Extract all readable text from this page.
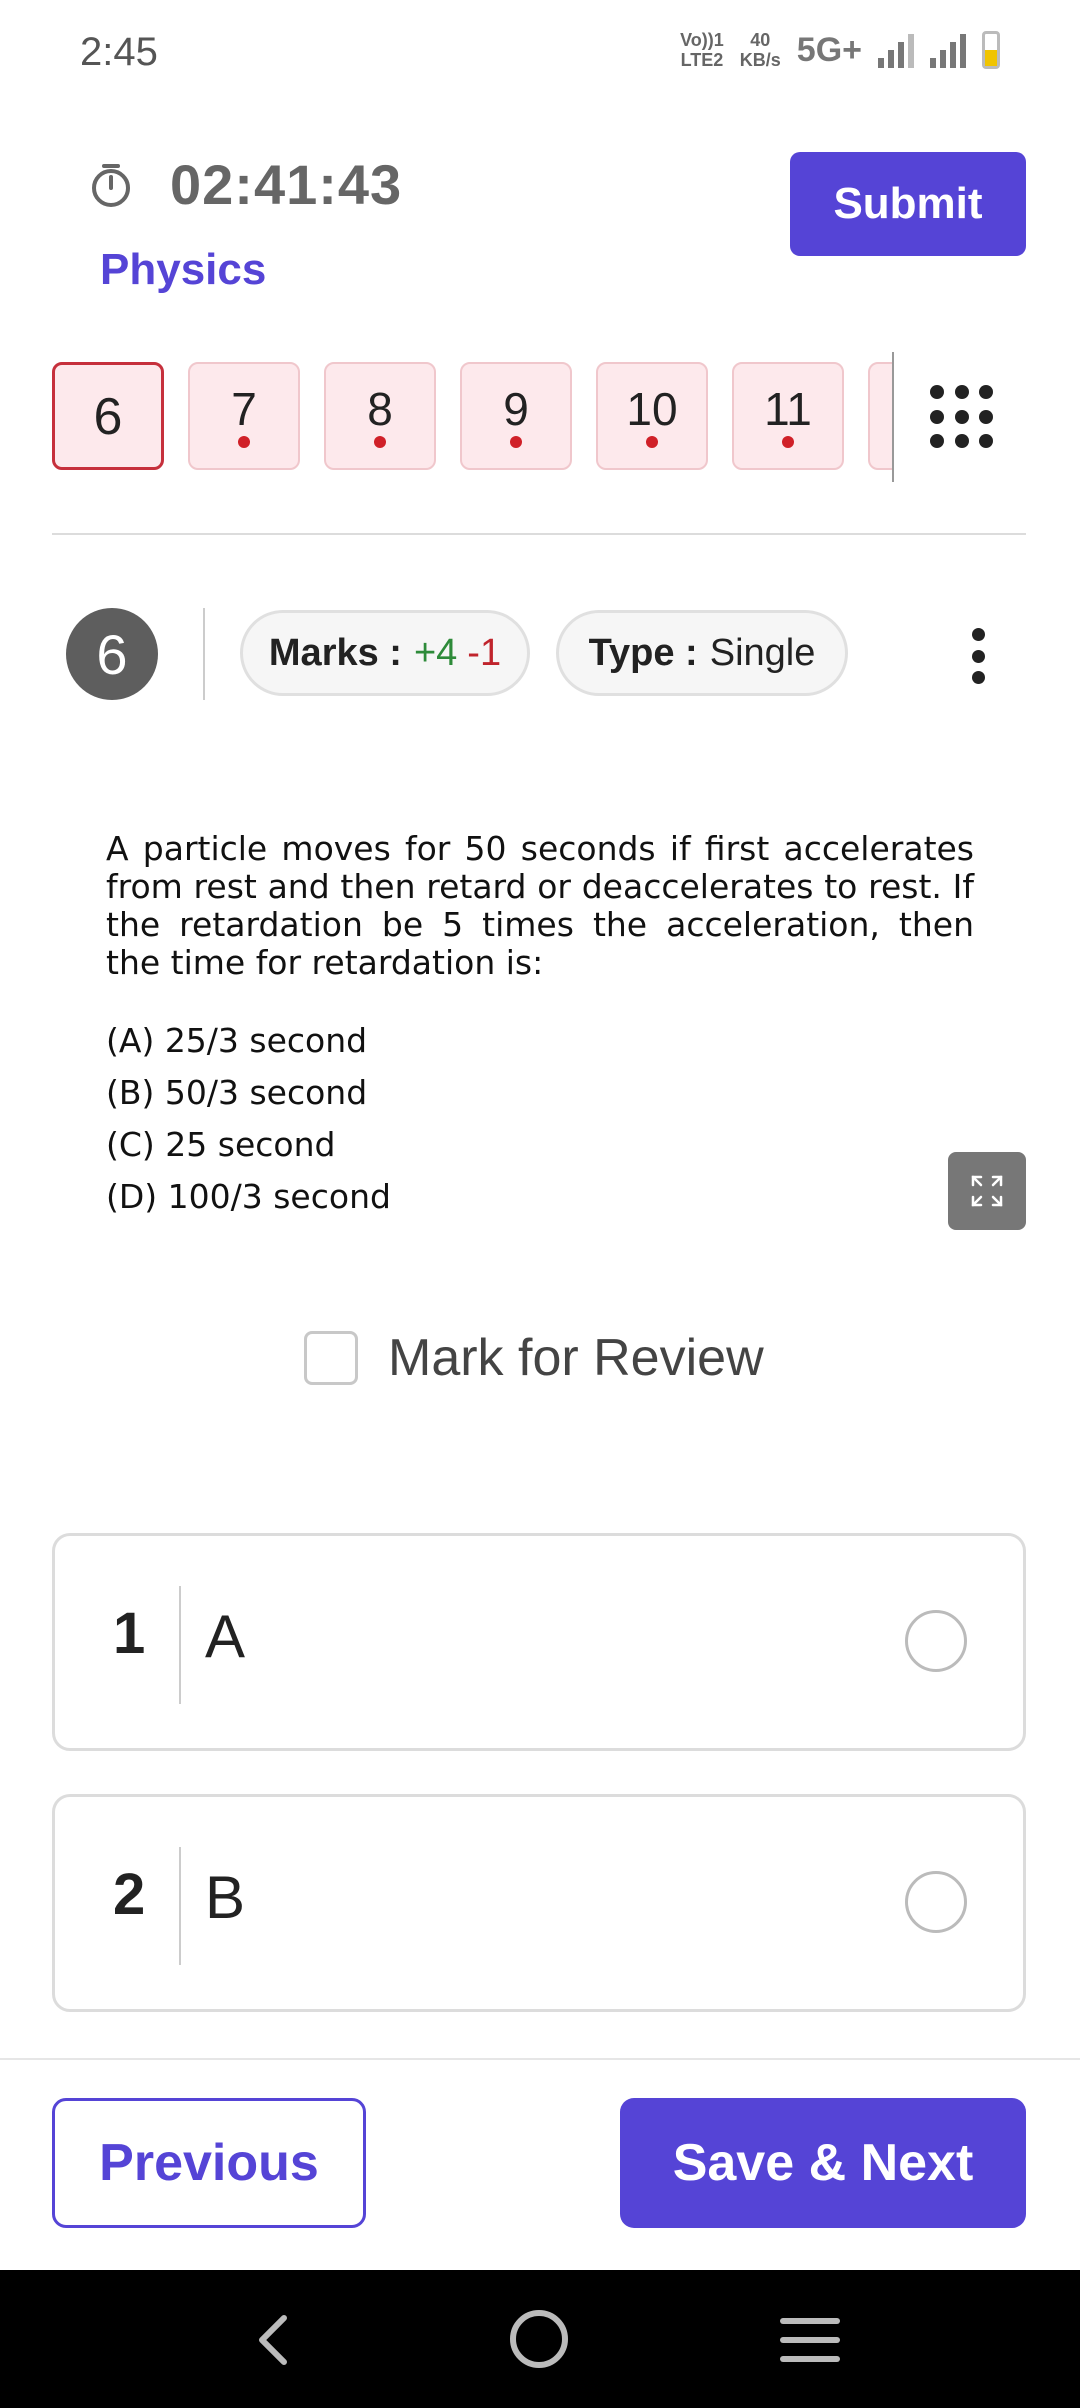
2:45	Vo))1
LTE2
40
KB/s 5G+
02:41:43
Physics
Submit
6	7	8	9	10	11
6	Marks : +4 -1 Type : Single
A particle moves for 50 seconds if first accelerates from rest and then retard or deaccelerates to rest. If the retardation be 5 times the acceleration, then the time for retardation is:
(A) 25/3 second
(B) 50/3 second
(C) 25 second
(D) 100/3 second
Mark for Review
1 A
2 B
Previous	Save & Next
